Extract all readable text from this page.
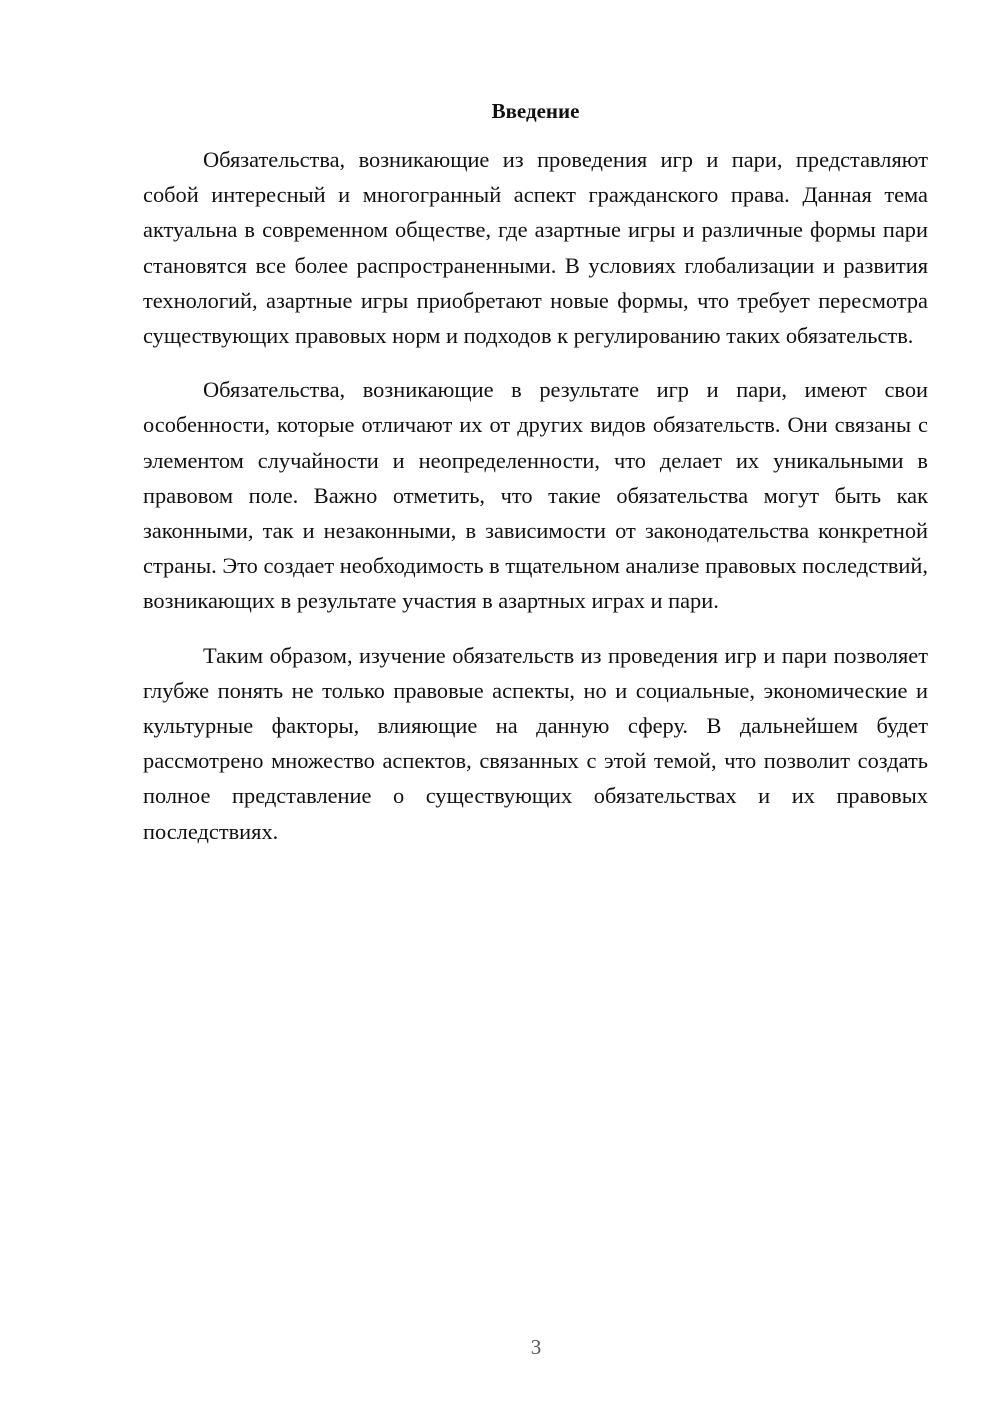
Введение

Обязательства, возникающие из проведения игр и пари, представляют собой интересный и многогранный аспект гражданского права. Данная тема актуальна в современном обществе, где азартные игры и различные формы пари становятся все более распространенными. В условиях глобализации и развития технологий, азартные игры приобретают новые формы, что требует пересмотра существующих правовых норм и подходов к регулированию таких обязательств.

Обязательства, возникающие в результате игр и пари, имеют свои особенности, которые отличают их от других видов обязательств. Они связаны с элементом случайности и неопределенности, что делает их уникальными в правовом поле. Важно отметить, что такие обязательства могут быть как законными, так и незаконными, в зависимости от законодательства конкретной страны. Это создает необходимость в тщательном анализе правовых последствий, возникающих в результате участия в азартных играх и пари.

Таким образом, изучение обязательств из проведения игр и пари позволяет глубже понять не только правовые аспекты, но и социальные, экономические и культурные факторы, влияющие на данную сферу. В дальнейшем будет рассмотрено множество аспектов, связанных с этой темой, что позволит создать полное представление о существующих обязательствах и их правовых последствиях.

3
